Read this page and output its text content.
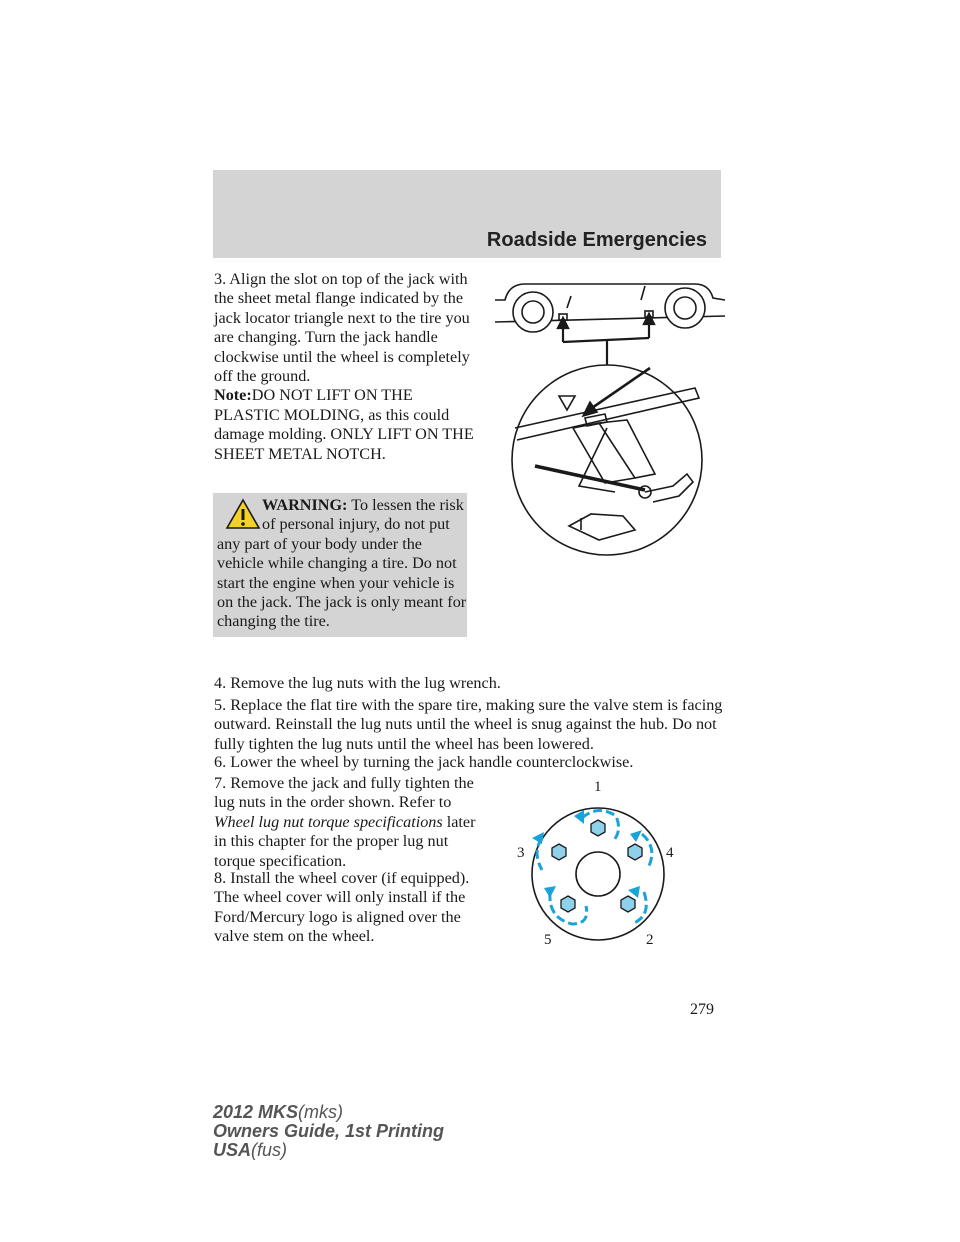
Roadside Emergencies

3. Align the slot on top of the jack with the sheet metal flange indicated by the jack locator triangle next to the tire you are changing. Turn the jack handle clockwise until the wheel is completely off the ground.
Note:DO NOT LIFT ON THE PLASTIC MOLDING, as this could damage molding. ONLY LIFT ON THE SHEET METAL NOTCH.

WARNING: To lessen the risk of personal injury, do not put any part of your body under the vehicle while changing a tire. Do not start the engine when your vehicle is on the jack. The jack is only meant for changing the tire.

4. Remove the lug nuts with the lug wrench.

5. Replace the flat tire with the spare tire, making sure the valve stem is facing outward. Reinstall the lug nuts until the wheel is snug against the hub. Do not fully tighten the lug nuts until the wheel has been lowered.

6. Lower the wheel by turning the jack handle counterclockwise.

7. Remove the jack and fully tighten the lug nuts in the order shown. Refer to Wheel lug nut torque specifications later in this chapter for the proper lug nut torque specification.

8. Install the wheel cover (if equipped). The wheel cover will only install if the Ford/Mercury logo is aligned over the valve stem on the wheel.

1
3	4
5	2
279
2012 MKS(mks)
Owners Guide, 1st Printing
USA(fus)
